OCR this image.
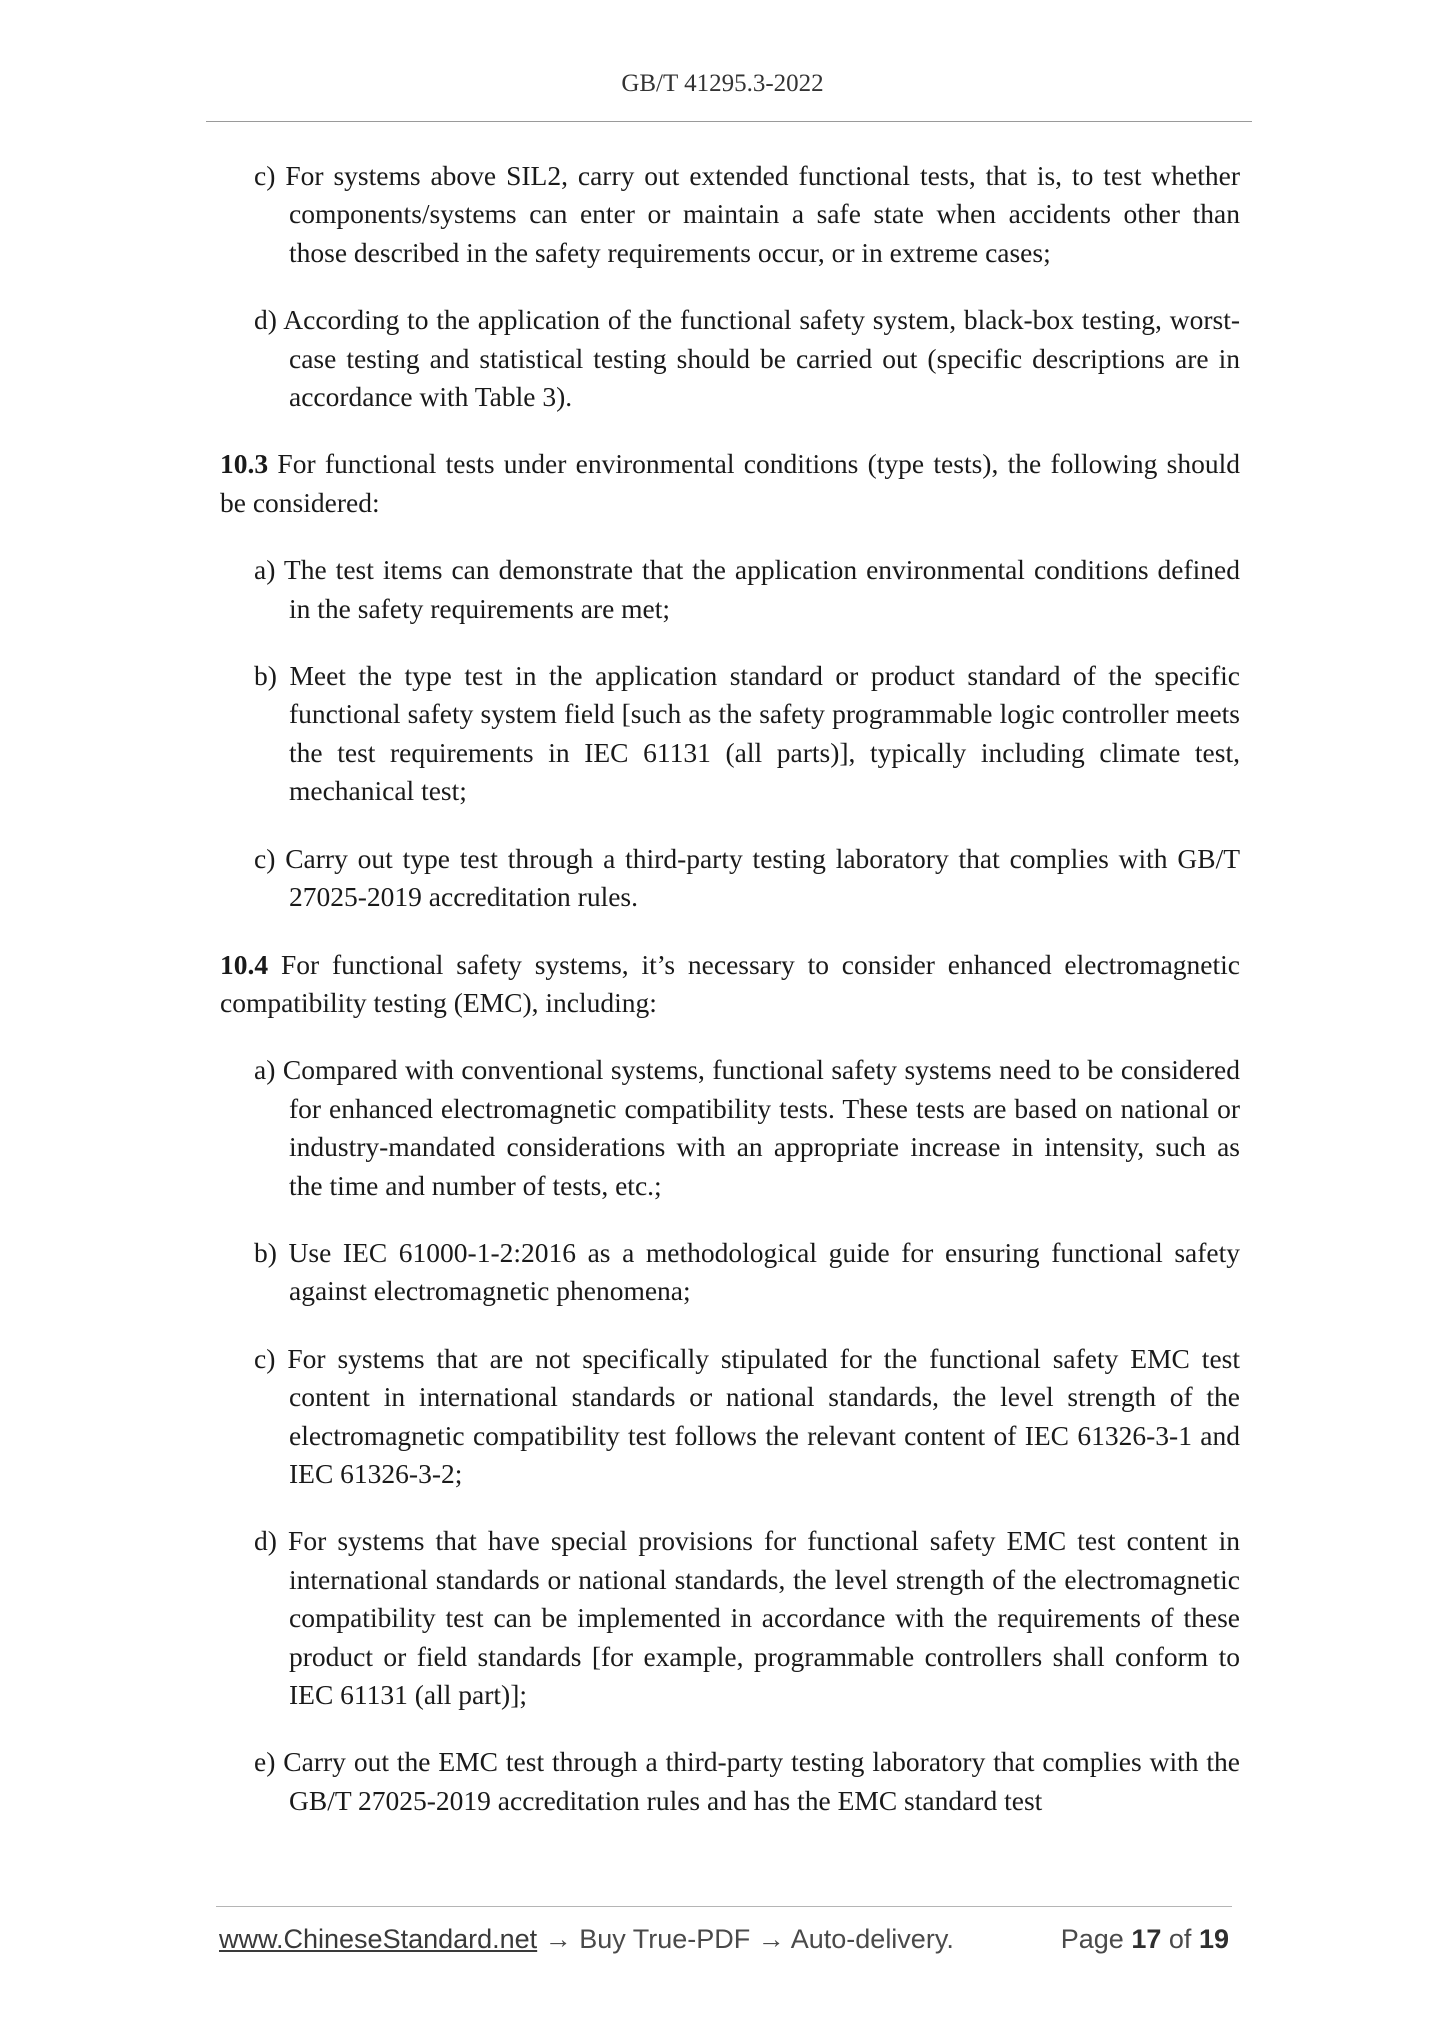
GB/T 41295.3-2022
c) For systems above SIL2, carry out extended functional tests, that is, to test whether components/systems can enter or maintain a safe state when accidents other than those described in the safety requirements occur, or in extreme cases;
d) According to the application of the functional safety system, black-box testing, worst-case testing and statistical testing should be carried out (specific descriptions are in accordance with Table 3).
10.3 For functional tests under environmental conditions (type tests), the following should be considered:
a) The test items can demonstrate that the application environmental conditions defined in the safety requirements are met;
b) Meet the type test in the application standard or product standard of the specific functional safety system field [such as the safety programmable logic controller meets the test requirements in IEC 61131 (all parts)], typically including climate test, mechanical test;
c) Carry out type test through a third-party testing laboratory that complies with GB/T 27025-2019 accreditation rules.
10.4 For functional safety systems, it’s necessary to consider enhanced electromagnetic compatibility testing (EMC), including:
a) Compared with conventional systems, functional safety systems need to be considered for enhanced electromagnetic compatibility tests. These tests are based on national or industry-mandated considerations with an appropriate increase in intensity, such as the time and number of tests, etc.;
b) Use IEC 61000-1-2:2016 as a methodological guide for ensuring functional safety against electromagnetic phenomena;
c) For systems that are not specifically stipulated for the functional safety EMC test content in international standards or national standards, the level strength of the electromagnetic compatibility test follows the relevant content of IEC 61326-3-1 and IEC 61326-3-2;
d) For systems that have special provisions for functional safety EMC test content in international standards or national standards, the level strength of the electromagnetic compatibility test can be implemented in accordance with the requirements of these product or field standards [for example, programmable controllers shall conform to IEC 61131 (all part)];
e) Carry out the EMC test through a third-party testing laboratory that complies with the GB/T 27025-2019 accreditation rules and has the EMC standard test
www.ChineseStandard.net → Buy True-PDF → Auto-delivery.	Page 17 of 19
